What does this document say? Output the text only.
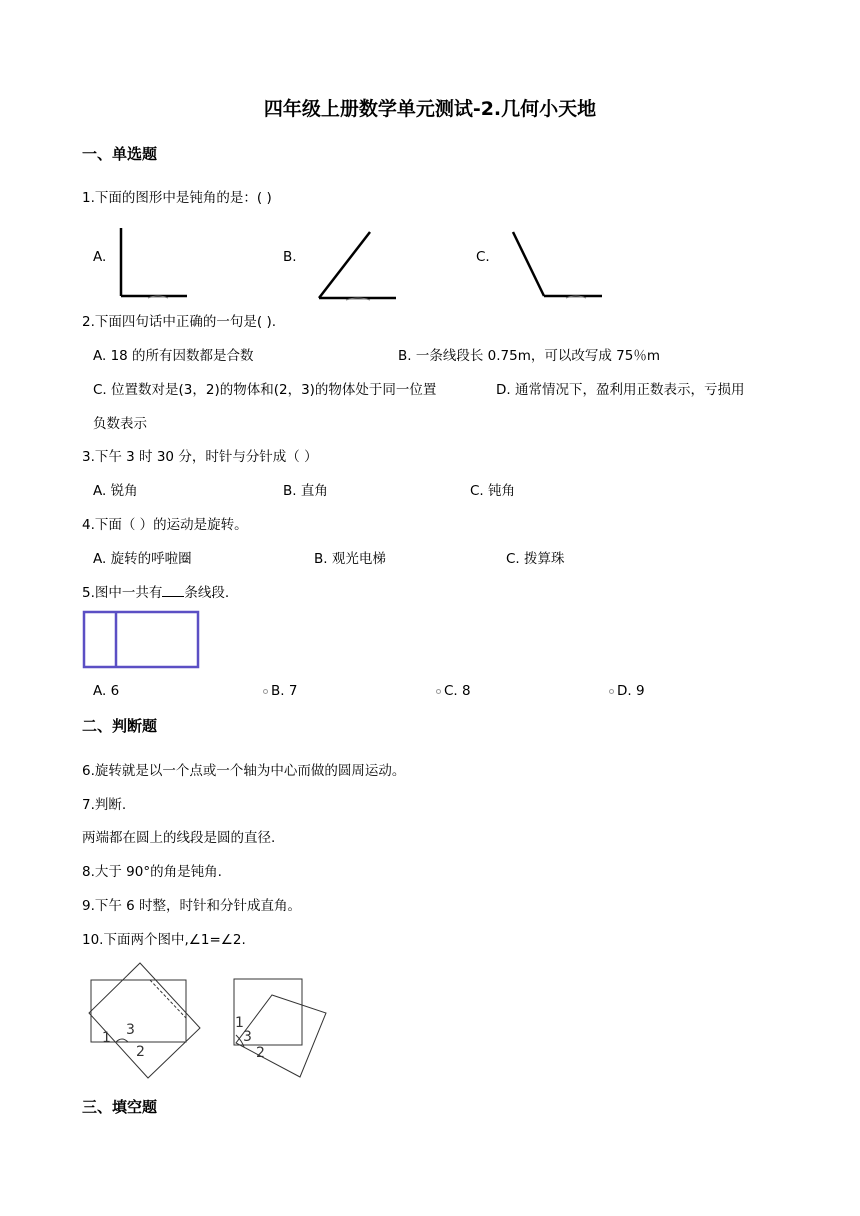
四年级上册数学单元测试-2.几何小天地
一、单选题
1.下面的图形中是钝角的是：( )
A.	B.	C.
2.下面四句话中正确的一句是( ).
A. 18 的所有因数都是合数	B. 一条线段长 0.75m，可以改写成 75％m
C. 位置数对是(3，2)的物体和(2，3)的物体处于同一位置	D. 通常情况下，盈利用正数表示，亏损用
负数表示
3.下午 3 时 30 分，时针与分针成（ ）
A. 锐角	B. 直角	C. 钝角
4.下面（ ）的运动是旋转。
A. 旋转的呼啦圈	B. 观光电梯	C. 拨算珠
5.图中一共有 条线段.
A. 6	B. 7	C. 8	D. 9
二、判断题
6.旋转就是以一个点或一个轴为中心而做的圆周运动。
7.判断.
两端都在圆上的线段是圆的直径.
8.大于 90°的角是钝角.
9.下午 6 时整，时针和分针成直角。
10.下面两个图中,∠1=∠2.
1 3
2
1
3
2
三、填空题
